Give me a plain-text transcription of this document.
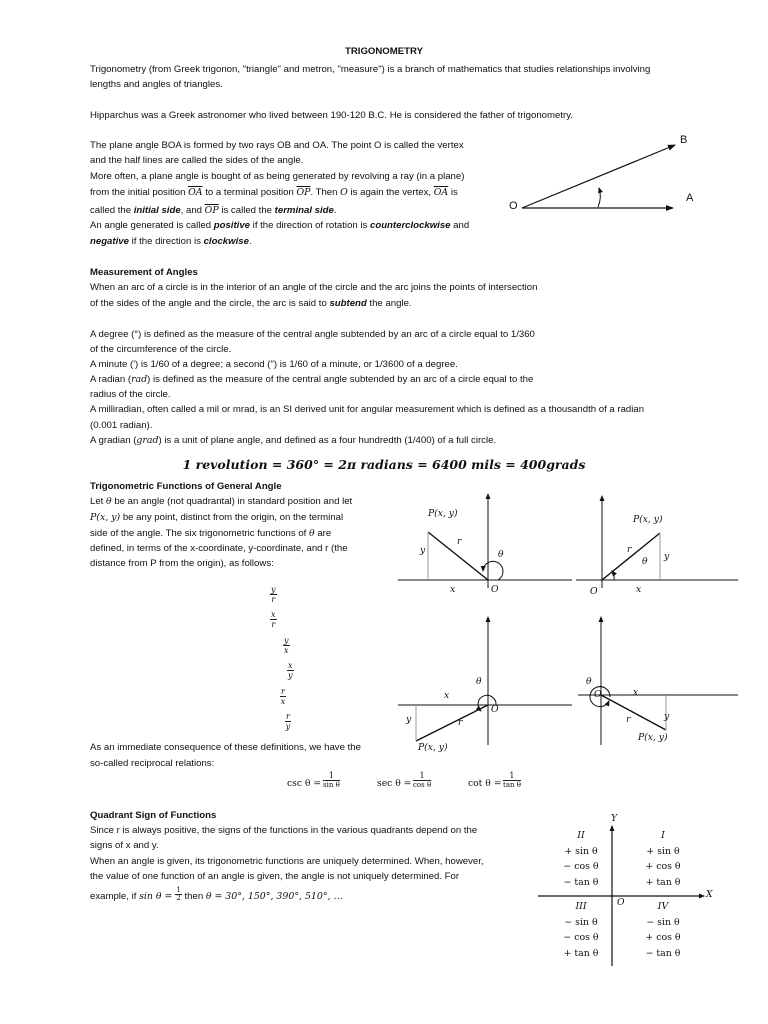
TRIGONOMETRY
Trigonometry (from Greek trigonon, "triangle" and metron, "measure") is a branch of mathematics that studies relationships involving
lengths and angles of triangles.
Hipparchus was a Greek astronomer who lived between 190-120 B.C. He is considered the father of trigonometry.
The plane angle BOA is formed by two rays OB and OA. The point O is called the vertex
and the half lines are called the sides of the angle.
More often, a plane angle is bought of as being generated by revolving a ray (in a plane)
from the initial position $\overline{OA}$ to a terminal position $\overline{OP}$. Then O is again the vertex, $\overline{OA}$ is
called the initial side, and $\overline{OP}$ is called the terminal side.
An angle generated is called positive if the direction of rotation is counterclockwise and
negative if the direction is clockwise.
B
A
O
Measurement of Angles
When an arc of a circle is in the interior of an angle of the circle and the arc joins the points of intersection
of the sides of the angle and the circle, the arc is said to subtend the angle.
A degree (°) is defined as the measure of the central angle subtended by an arc of a circle equal to 1/360
of the circumference of the circle.
A minute (') is 1/60 of a degree; a second (") is 1/60 of a minute, or 1/3600 of a degree.
A radian (rad) is defined as the measure of the central angle subtended by an arc of a circle equal to the
radius of the circle.
A milliradian, often called a mil or mrad, is an SI derived unit for angular measurement which is defined as a thousandth of a radian
(0.001 radian).
A gradian (grad) is a unit of plane angle, and defined as a four hundredth (1/400) of a full circle.
1 revolution = 360° = 2π radians = 6400 mils = 400grads
Trigonometric Functions of General Angle
Let θ be an angle (not quadrantal) in standard position and let
P(x, y) be any point, distinct from the origin, on the terminal
side of the angle. The six trigonometric functions of θ are
defined, in terms of the x-coordinate, y-coordinate, and r (the
distance from P from the origin), as follows:
$\frac{y}{r}$
$\frac{x}{r}$
$\frac{y}{x}$
$\frac{x}{y}$
$\frac{r}{x}$
$\frac{r}{y}$
As an immediate consequence of these definitions, we have the
so-called reciprocal relations:
$\csc \theta = \frac{1}{\text{sin θ}}$	$\sec \theta = \frac{1}{\text{cos θ}}$	$\cot \theta = \frac{1}{\text{tan θ}}$
P(x, y)
y
r
θ
x	O
P(x, y)
r
θ y
O	x
θ
x
O
y	r
P(x, y)
θ
O	x
r	y
P(x, y)
Quadrant Sign of Functions
Since r is always positive, the signs of the functions in the various quadrants depend on the
signs of x and y.
When an angle is given, its trigonometric functions are uniquely determined. When, however,
the value of one function of an angle is given, the angle is not uniquely determined. For
example, if $\sin \theta = \frac{1}{2}$ then θ = 30°, 150°, 390°, 510°, …
Y
X
O
II
+ sin θ
− cos θ
− tan θ
I
+ sin θ
+ cos θ
+ tan θ
III
− sin θ
− cos θ
+ tan θ
IV
− sin θ
+ cos θ
− tan θ
